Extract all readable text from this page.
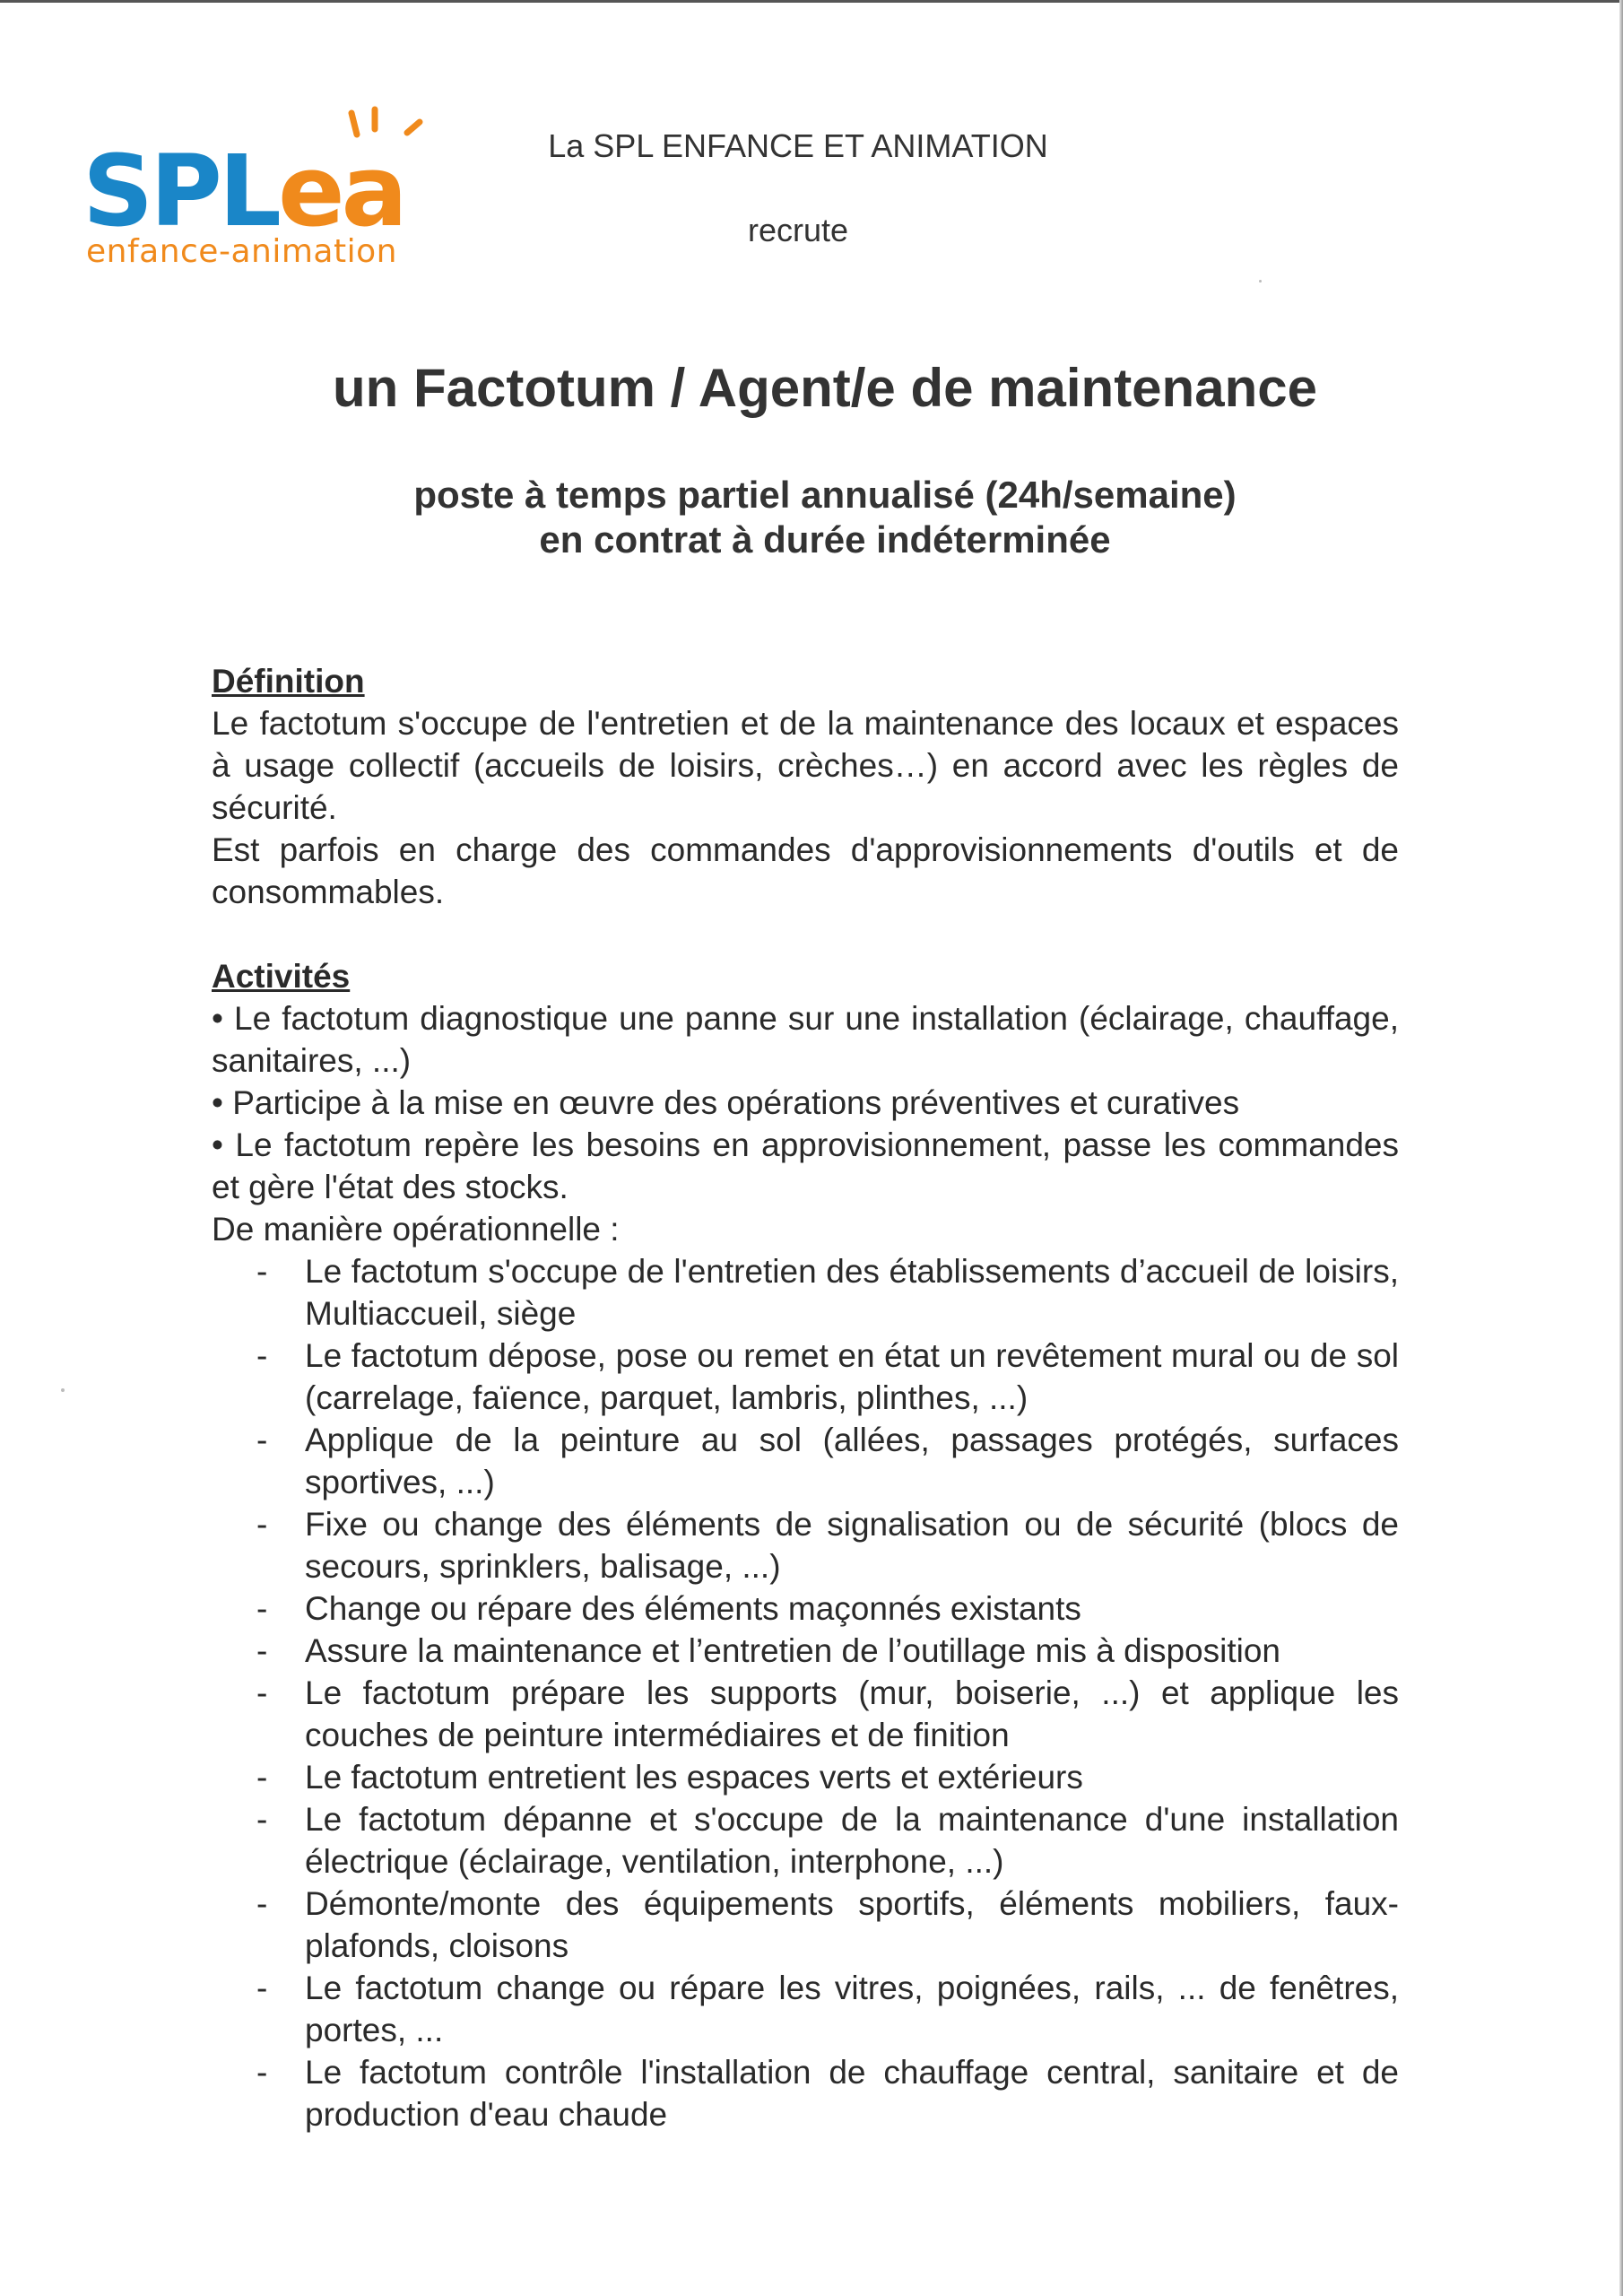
SPLea
enfance-animation
La SPL ENFANCE ET ANIMATION
recrute
un Factotum / Agent/e de maintenance
poste à temps partiel annualisé (24h/semaine)
en contrat à durée indéterminée
Définition

Le factotum s'occupe de l'entretien et de la maintenance des locaux et espaces à usage collectif (accueils de loisirs, crèches…) en accord avec les règles de sécurité.

Est parfois en charge des commandes d'approvisionnements d'outils et de consommables.

Activités
• Le factotum diagnostique une panne sur une installation (éclairage, chauffage, sanitaires, ...)
• Participe à la mise en œuvre des opérations préventives et curatives
• Le factotum repère les besoins en approvisionnement, passe les commandes et gère l'état des stocks.
De manière opérationnelle :
- Le factotum s'occupe de l'entretien des établissements d’accueil de loisirs, Multiaccueil, siège
- Le factotum dépose, pose ou remet en état un revêtement mural ou de sol (carrelage, faïence, parquet, lambris, plinthes, ...)
- Applique de la peinture au sol (allées, passages protégés, surfaces sportives, ...)
- Fixe ou change des éléments de signalisation ou de sécurité (blocs de secours, sprinklers, balisage, ...)
- Change ou répare des éléments maçonnés existants
- Assure la maintenance et l’entretien de l’outillage mis à disposition
- Le factotum prépare les supports (mur, boiserie, ...) et applique les couches de peinture intermédiaires et de finition
- Le factotum entretient les espaces verts et extérieurs
- Le factotum dépanne et s'occupe de la maintenance d'une installation électrique (éclairage, ventilation, interphone, ...)
- Démonte/monte des équipements sportifs, éléments mobiliers, faux-plafonds, cloisons
- Le factotum change ou répare les vitres, poignées, rails, ... de fenêtres, portes, ...
- Le factotum contrôle l'installation de chauffage central, sanitaire et de production d'eau chaude
